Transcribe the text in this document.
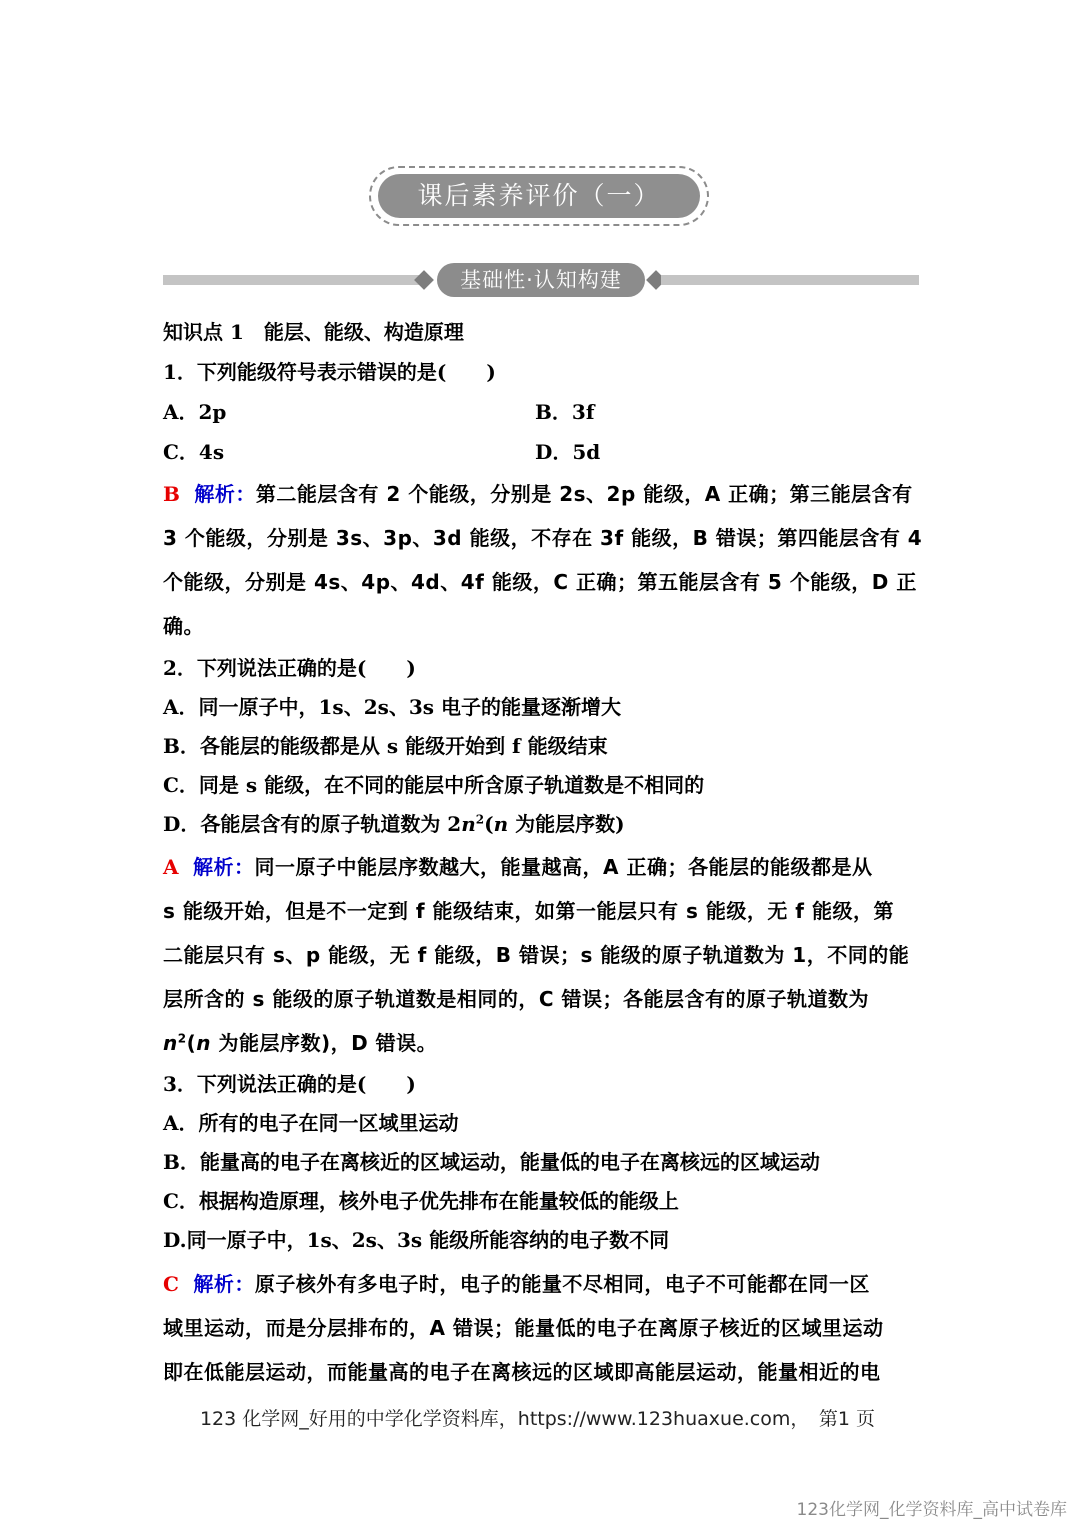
课后素养评价（一）
基础性·认知构建
知识点 1　能层、能级、构造原理
1．下列能级符号表示错误的是(　　)
A．2p	B．3f
C．4s	D．5d
B 解析：第二能层含有 2 个能级，分别是 2s、2p 能级，A 正确；第三能层含有
3 个能级，分别是 3s、3p、3d 能级，不存在 3f 能级，B 错误；第四能层含有 4
个能级，分别是 4s、4p、4d、4f 能级，C 正确；第五能层含有 5 个能级，D 正
确。
2．下列说法正确的是(　　)
A．同一原子中，1s、2s、3s 电子的能量逐渐增大
B．各能层的能级都是从 s 能级开始到 f 能级结束
C．同是 s 能级，在不同的能层中所含原子轨道数是不相同的
D．各能层含有的原子轨道数为 $2n^2(n$ 为能层序数)
A 解析：同一原子中能层序数越大，能量越高，A 正确；各能层的能级都是从
s 能级开始，但是不一定到 f 能级结束，如第一能层只有 s 能级，无 f 能级，第
二能层只有 s、p 能级，无 f 能级，B 错误；s 能级的原子轨道数为 1，不同的能
层所含的 s 能级的原子轨道数是相同的，C 错误；各能层含有的原子轨道数为
$n^2(n$ 为能层序数)，D 错误。
3．下列说法正确的是(　　)
A．所有的电子在同一区域里运动
B．能量高的电子在离核近的区域运动，能量低的电子在离核远的区域运动
C．根据构造原理，核外电子优先排布在能量较低的能级上
D.同一原子中，1s、2s、3s 能级所能容纳的电子数不同
C 解析：原子核外有多电子时，电子的能量不尽相同，电子不可能都在同一区
域里运动，而是分层排布的，A 错误；能量低的电子在离原子核近的区域里运动
即在低能层运动，而能量高的电子在离核远的区域即高能层运动，能量相近的电
123 化学网_好用的中学化学资料库，https://www.123huaxue.com，　第1 页
123化学网_化学资料库_高中试卷库
